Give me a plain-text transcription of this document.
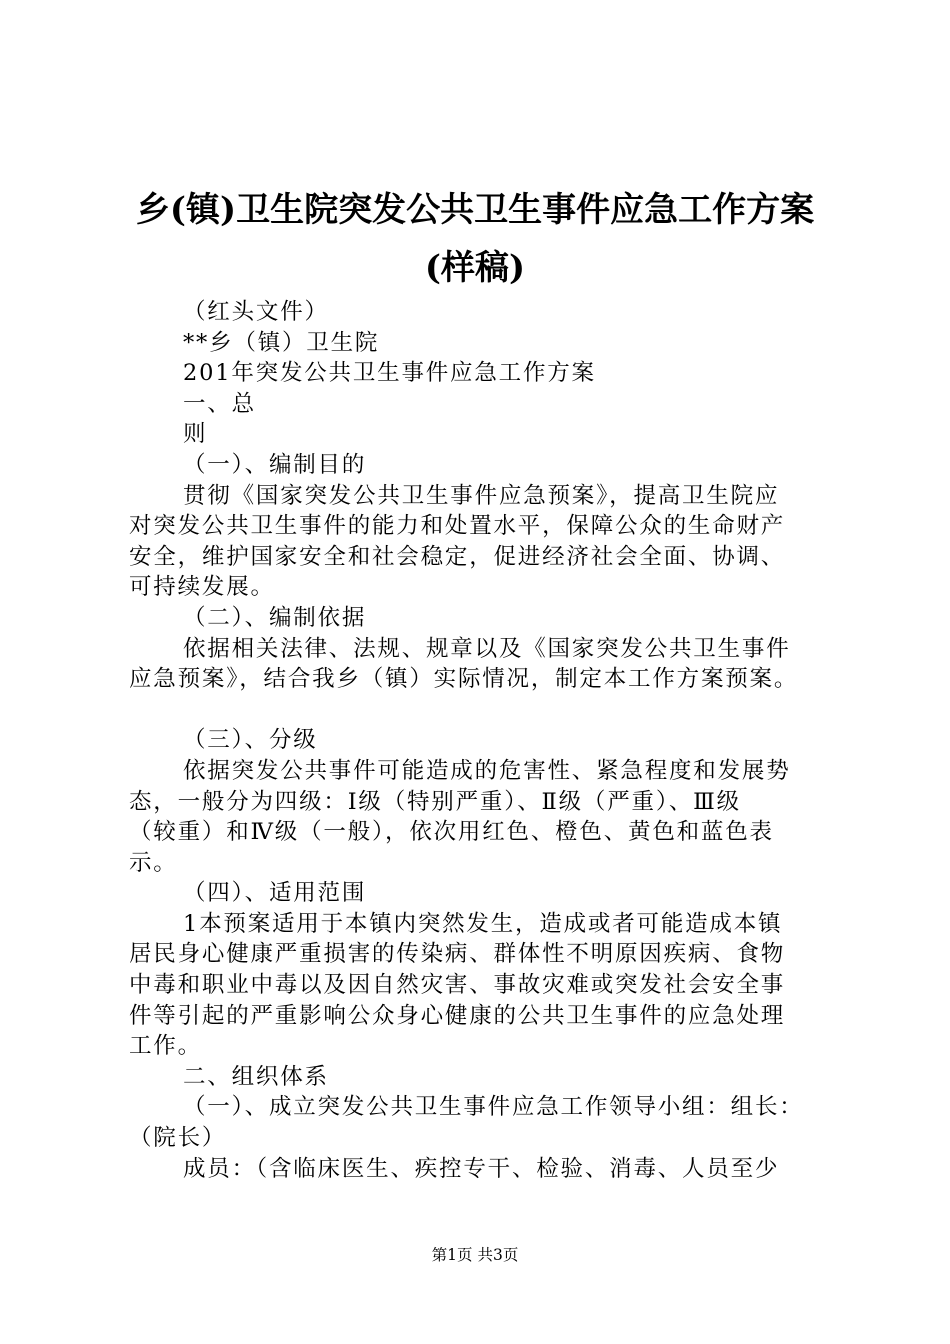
乡(镇)卫生院突发公共卫生事件应急工作方案
(样稿)
（红头文件）
**乡（镇）卫生院
201年突发公共卫生事件应急工作方案
一、总
则
（一）、编制目的
贯彻《国家突发公共卫生事件应急预案》，提高卫生院应
对突发公共卫生事件的能力和处置水平，保障公众的生命财产
安全，维护国家安全和社会稳定，促进经济社会全面、协调、
可持续发展。
（二）、编制依据
依据相关法律、法规、规章以及《国家突发公共卫生事件
应急预案》，结合我乡（镇）实际情况，制定本工作方案预案。
（三）、分级
依据突发公共事件可能造成的危害性、紧急程度和发展势
态，一般分为四级：Ⅰ级（特别严重）、Ⅱ级（严重）、Ⅲ级
（较重）和Ⅳ级（一般），依次用红色、橙色、黄色和蓝色表
示。
（四）、适用范围
1本预案适用于本镇内突然发生，造成或者可能造成本镇
居民身心健康严重损害的传染病、群体性不明原因疾病、食物
中毒和职业中毒以及因自然灾害、事故灾难或突发社会安全事
件等引起的严重影响公众身心健康的公共卫生事件的应急处理
工作。
二、组织体系
（一）、成立突发公共卫生事件应急工作领导小组：组长：
（院长）
成员：（含临床医生、疾控专干、检验、消毒、人员至少
第1页 共3页
